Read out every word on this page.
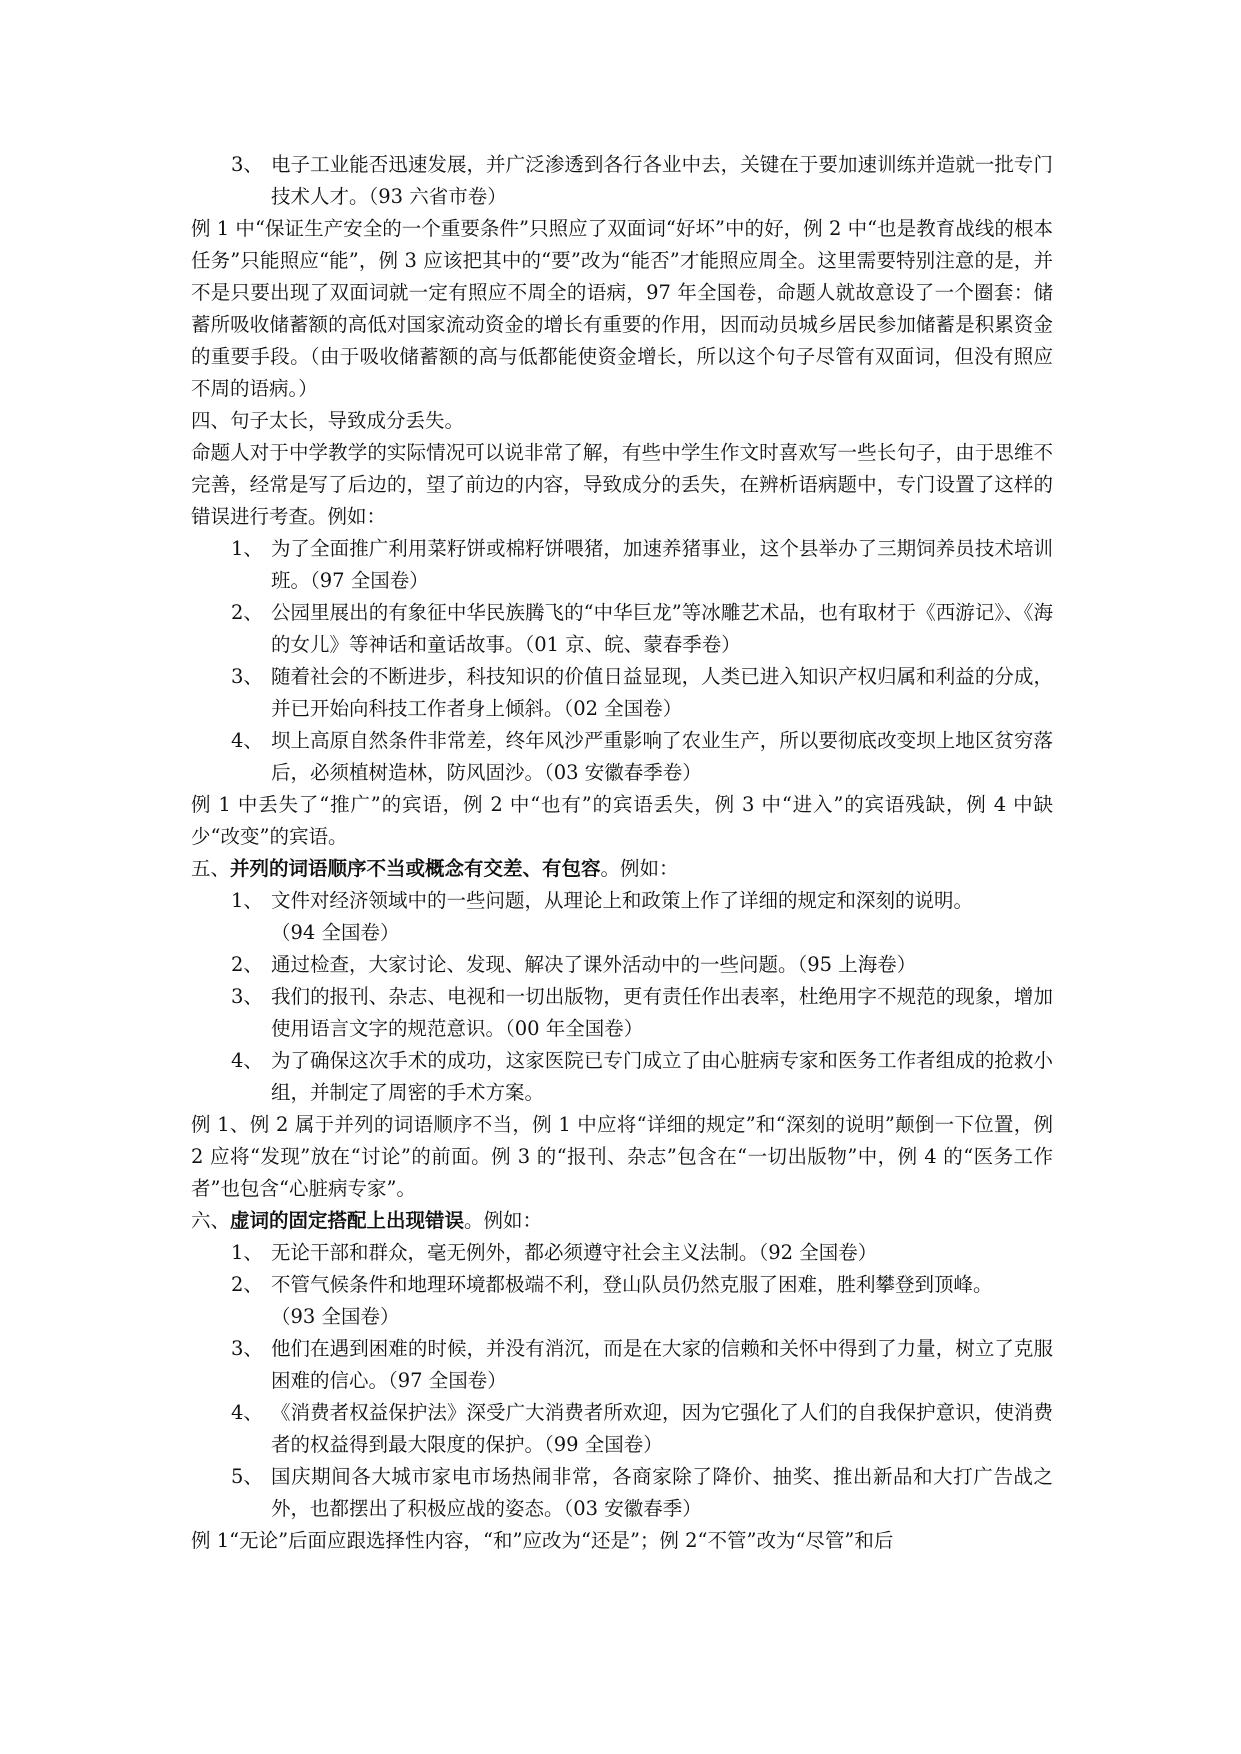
3、 电子工业能否迅速发展，并广泛渗透到各行各业中去，关键在于要加速训练并造就一批专门技术人才。（93 六省市卷）

例 1 中“保证生产安全的一个重要条件”只照应了双面词“好坏”中的好，例 2 中“也是教育战线的根本任务”只能照应“能”，例 3 应该把其中的“要”改为“能否”才能照应周全。这里需要特别注意的是，并不是只要出现了双面词就一定有照应不周全的语病，97 年全国卷，命题人就故意设了一个圈套：储蓄所吸收储蓄额的高低对国家流动资金的增长有重要的作用，因而动员城乡居民参加储蓄是积累资金的重要手段。（由于吸收储蓄额的高与低都能使资金增长，所以这个句子尽管有双面词，但没有照应不周的语病。）

四、句子太长，导致成分丢失。

命题人对于中学教学的实际情况可以说非常了解，有些中学生作文时喜欢写一些长句子，由于思维不完善，经常是写了后边的，望了前边的内容，导致成分的丢失，在辨析语病题中，专门设置了这样的错误进行考查。例如：

1、 为了全面推广利用菜籽饼或棉籽饼喂猪，加速养猪事业，这个县举办了三期饲养员技术培训班。（97 全国卷）
2、 公园里展出的有象征中华民族腾飞的“中华巨龙”等冰雕艺术品，也有取材于《西游记》、《海的女儿》等神话和童话故事。（01 京、皖、蒙春季卷）
3、 随着社会的不断进步，科技知识的价值日益显现，人类已进入知识产权归属和利益的分成，并已开始向科技工作者身上倾斜。（02 全国卷）
4、 坝上高原自然条件非常差，终年风沙严重影响了农业生产，所以要彻底改变坝上地区贫穷落后，必须植树造林，防风固沙。（03 安徽春季卷）

例 1 中丢失了“推广”的宾语，例 2 中“也有”的宾语丢失，例 3 中“进入”的宾语残缺，例 4 中缺少“改变”的宾语。

五、并列的词语顺序不当或概念有交差、有包容。例如：

1、 文件对经济领域中的一些问题，从理论上和政策上作了详细的规定和深刻的说明。
（94 全国卷）
2、 通过检查，大家讨论、发现、解决了课外活动中的一些问题。（95 上海卷）
3、 我们的报刊、杂志、电视和一切出版物，更有责任作出表率，杜绝用字不规范的现象，增加使用语言文字的规范意识。（00 年全国卷）
4、 为了确保这次手术的成功，这家医院已专门成立了由心脏病专家和医务工作者组成的抢救小组，并制定了周密的手术方案。

例 1、例 2 属于并列的词语顺序不当，例 1 中应将“详细的规定”和“深刻的说明”颠倒一下位置，例 2 应将“发现”放在“讨论”的前面。例 3 的“报刊、杂志”包含在“一切出版物”中，例 4 的“医务工作者”也包含“心脏病专家”。

六、虚词的固定搭配上出现错误。例如：

1、 无论干部和群众，毫无例外，都必须遵守社会主义法制。（92 全国卷）
2、 不管气候条件和地理环境都极端不利，登山队员仍然克服了困难，胜利攀登到顶峰。
（93 全国卷）
3、 他们在遇到困难的时候，并没有消沉，而是在大家的信赖和关怀中得到了力量，树立了克服困难的信心。（97 全国卷）
4、 《消费者权益保护法》深受广大消费者所欢迎，因为它强化了人们的自我保护意识，使消费者的权益得到最大限度的保护。（99 全国卷）
5、 国庆期间各大城市家电市场热闹非常，各商家除了降价、抽奖、推出新品和大打广告战之外，也都摆出了积极应战的姿态。（03 安徽春季）

例 1“无论”后面应跟选择性内容，“和”应改为“还是”；例 2“不管”改为“尽管”和后
